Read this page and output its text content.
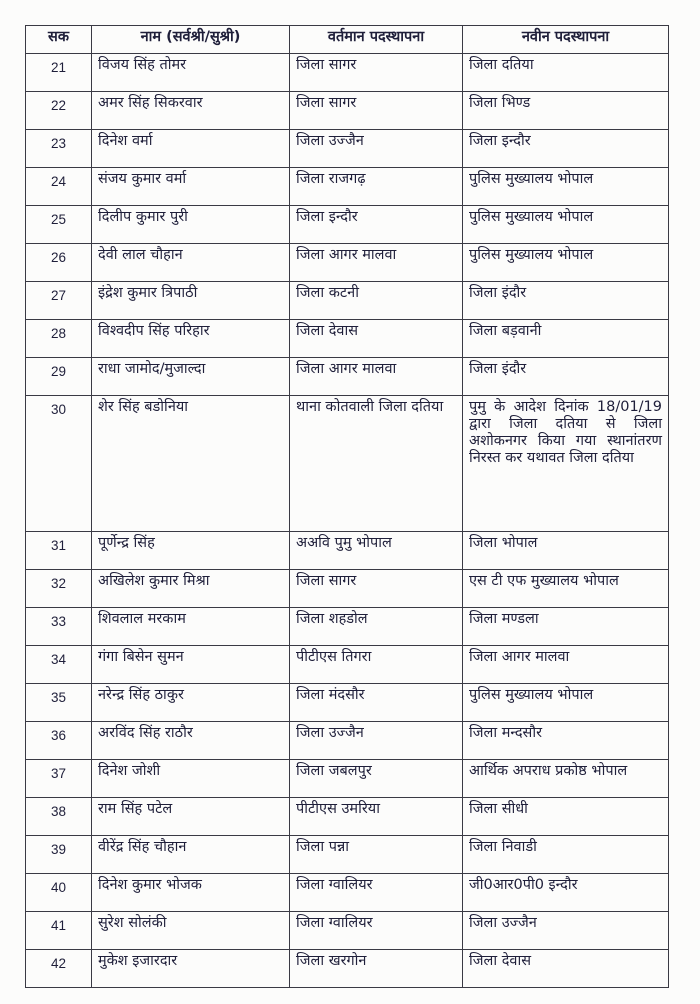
सक	नाम (सर्वश्री/सुश्री)	वर्तमान पदस्थापना	नवीन पदस्थापना
21	विजय सिंह तोमर	जिला सागर	जिला दतिया
22	अमर सिंह सिकरवार	जिला सागर	जिला भिण्ड
23	दिनेश वर्मा	जिला उज्जैन	जिला इन्दौर
24	संजय कुमार वर्मा	जिला राजगढ़	पुलिस मुख्यालय भोपाल
25	दिलीप कुमार पुरी	जिला इन्दौर	पुलिस मुख्यालय भोपाल
26	देवी लाल चौहान	जिला आगर मालवा	पुलिस मुख्यालय भोपाल
27	इंद्रेश कुमार त्रिपाठी	जिला कटनी	जिला इंदौर
28	विश्वदीप सिंह परिहार	जिला देवास	जिला बड़वानी
29	राधा जामोद/मुजाल्दा	जिला आगर मालवा	जिला इंदौर
30	शेर सिंह बडोनिया	थाना कोतवाली जिला दतिया	पुमु के आदेश दिनांक 18/01/19 द्वारा जिला दतिया से जिला अशोकनगर किया गया स्थानांतरण निरस्त कर यथावत जिला दतिया
31	पूर्णेन्द्र सिंह	अअवि पुमु भोपाल	जिला भोपाल
32	अखिलेश कुमार मिश्रा	जिला सागर	एस टी एफ मुख्यालय भोपाल
33	शिवलाल मरकाम	जिला शहडोल	जिला मण्डला
34	गंगा बिसेन सुमन	पीटीएस तिगरा	जिला आगर मालवा
35	नरेन्द्र सिंह ठाकुर	जिला मंदसौर	पुलिस मुख्यालय भोपाल
36	अरविंद सिंह राठौर	जिला उज्जैन	जिला मन्दसौर
37	दिनेश जोशी	जिला जबलपुर	आर्थिक अपराध प्रकोष्ठ भोपाल
38	राम सिंह पटेल	पीटीएस उमरिया	जिला सीधी
39	वीरेंद्र सिंह चौहान	जिला पन्ना	जिला निवाडी
40	दिनेश कुमार भोजक	जिला ग्वालियर	जी0आर0पी0 इन्दौर
41	सुरेश सोलंकी	जिला ग्वालियर	जिला उज्जैन
42	मुकेश इजारदार	जिला खरगोन	जिला देवास
